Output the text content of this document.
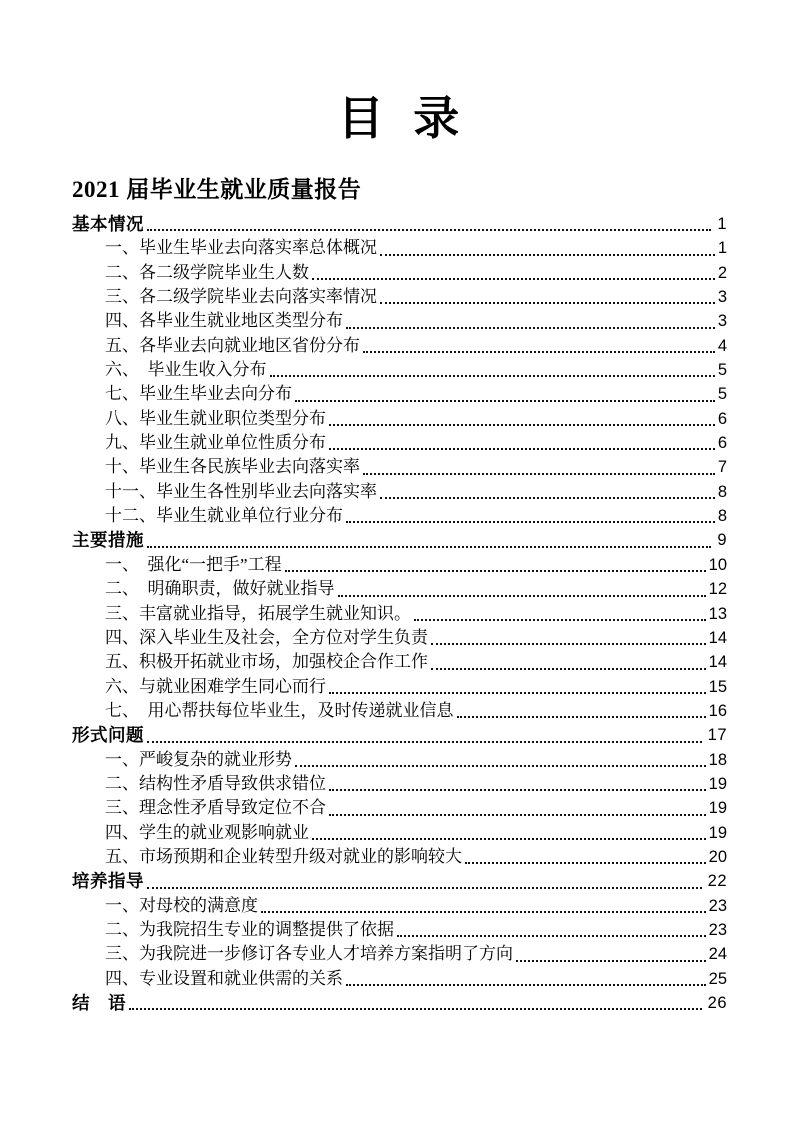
目 录
2021 届毕业生就业质量报告
基本情况	1
一、毕业生毕业去向落实率总体概况	1
二、各二级学院毕业生人数	2
三、各二级学院毕业去向落实率情况	3
四、各毕业生就业地区类型分布	3
五、各毕业去向就业地区省份分布	4
六、　毕业生收入分布	5
七、毕业生毕业去向分布	5
八、毕业生就业职位类型分布	6
九、毕业生就业单位性质分布	6
十、毕业生各民族毕业去向落实率	7
十一、毕业生各性别毕业去向落实率	8
十二、毕业生就业单位行业分布	8
主要措施	9
一、　强化“一把手”工程	10
二、　明确职责，做好就业指导	12
三、丰富就业指导，拓展学生就业知识。	13
四、深入毕业生及社会，全方位对学生负责	14
五、积极开拓就业市场，加强校企合作工作	14
六、与就业困难学生同心而行	15
七、　用心帮扶每位毕业生，及时传递就业信息	16
形式问题	17
一、严峻复杂的就业形势	18
二、结构性矛盾导致供求错位	19
三、理念性矛盾导致定位不合	19
四、学生的就业观影响就业	19
五、市场预期和企业转型升级对就业的影响较大	20
培养指导	22
一、对母校的满意度	23
二、为我院招生专业的调整提供了依据	23
三、为我院进一步修订各专业人才培养方案指明了方向	24
四、专业设置和就业供需的关系	25
结　语	26
